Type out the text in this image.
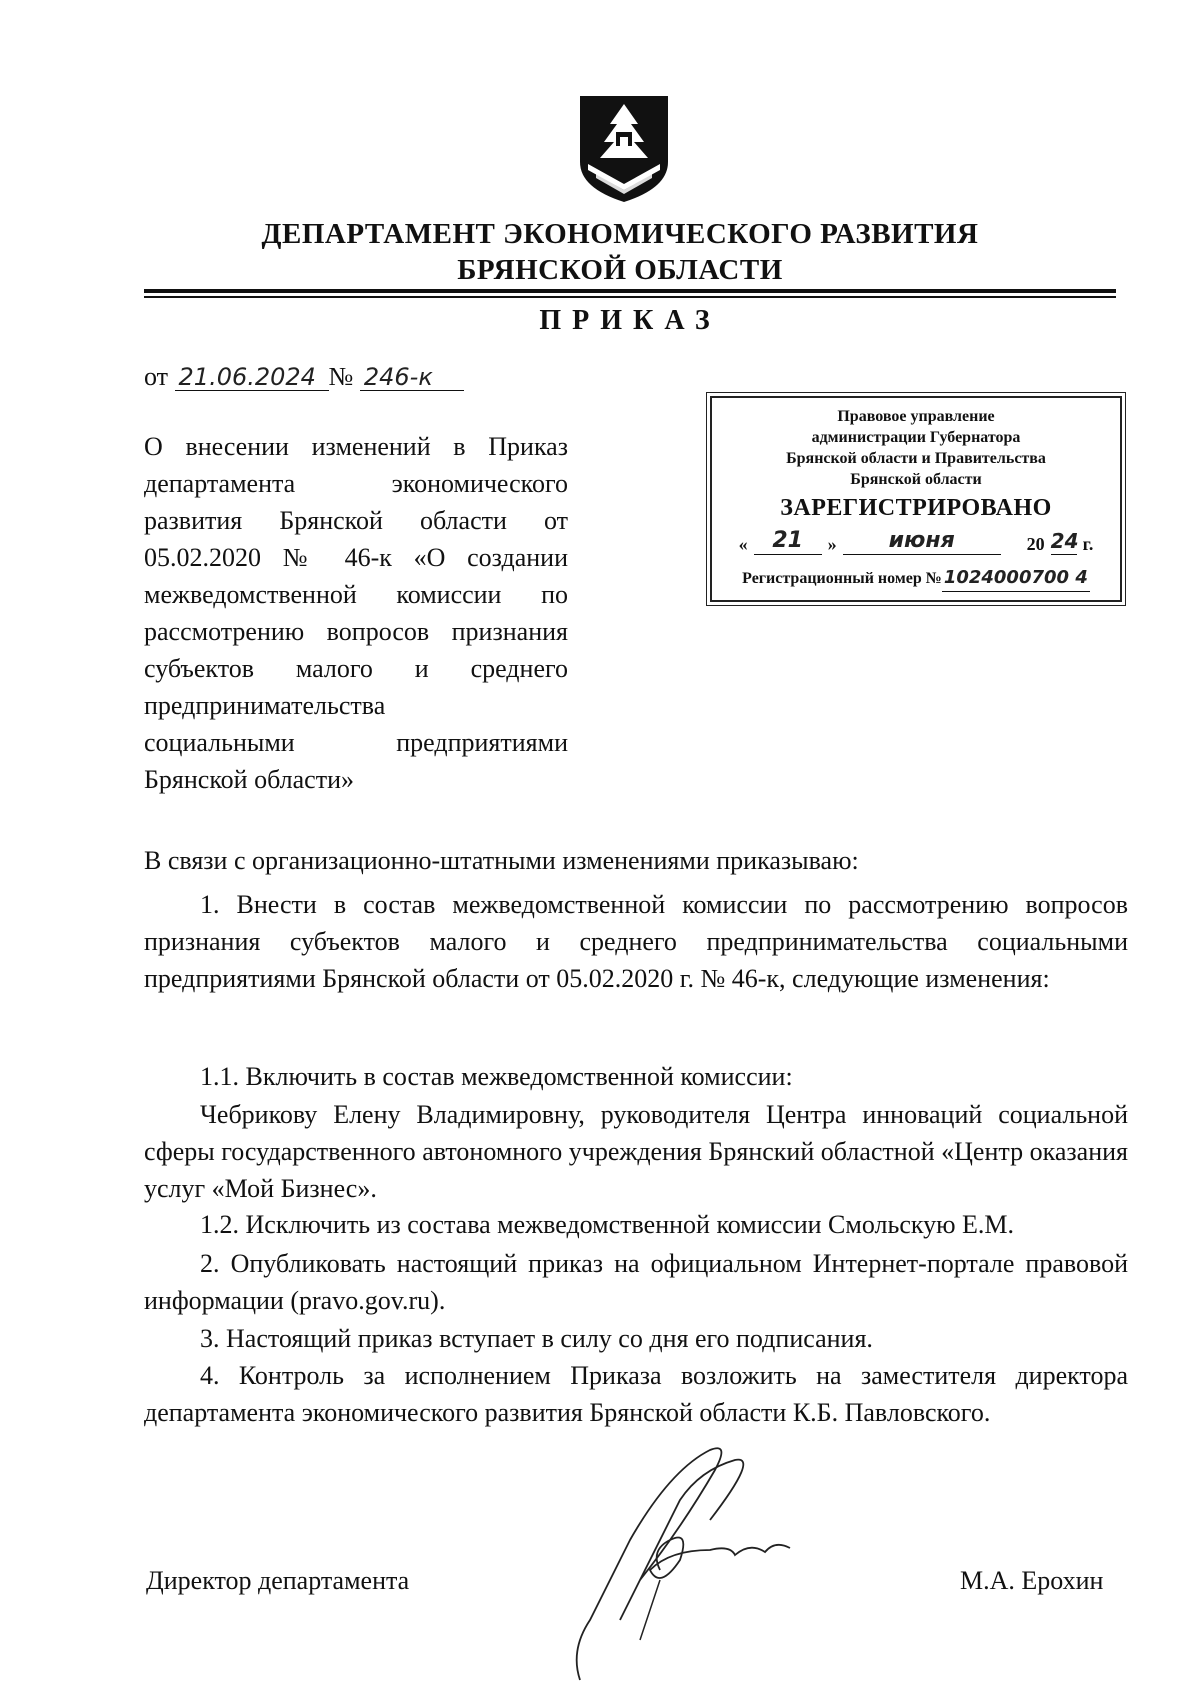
ДЕПАРТАМЕНТ ЭКОНОМИЧЕСКОГО РАЗВИТИЯ
БРЯНСКОЙ ОБЛАСТИ
ПРИКАЗ
от 21.06.2024 № 246-к
О внесении изменений в Приказ
департамента экономического
развития Брянской области от
05.02.2020 № 46-к «О создании
межведомственной комиссии по
рассмотрению вопросов признания
субъектов малого и среднего
предпринимательства
социальными предприятиями
Брянской области»
Правовое управление
администрации Губернатора
Брянской области и Правительства
Брянской области
ЗАРЕГИСТРИРОВАНО
«	21	»	июня	20 24 г.
Регистрационный номер № 1024000700 4
В связи с организационно-штатными изменениями приказываю:
1. Внести в состав межведомственной комиссии по рассмотрению вопросов признания субъектов малого и среднего предпринимательства социальными предприятиями Брянской области от 05.02.2020 г. № 46-к, следующие изменения:
1.1. Включить в состав межведомственной комиссии:
Чебрикову Елену Владимировну, руководителя Центра инноваций социальной сферы государственного автономного учреждения Брянский областной «Центр оказания услуг «Мой Бизнес».
1.2. Исключить из состава межведомственной комиссии Смольскую Е.М.
2. Опубликовать настоящий приказ на официальном Интернет-портале правовой информации (pravo.gov.ru).
3. Настоящий приказ вступает в силу со дня его подписания.
4. Контроль за исполнением Приказа возложить на заместителя директора департамента экономического развития Брянской области К.Б. Павловского.
Директор департамента	М.А. Ерохин
